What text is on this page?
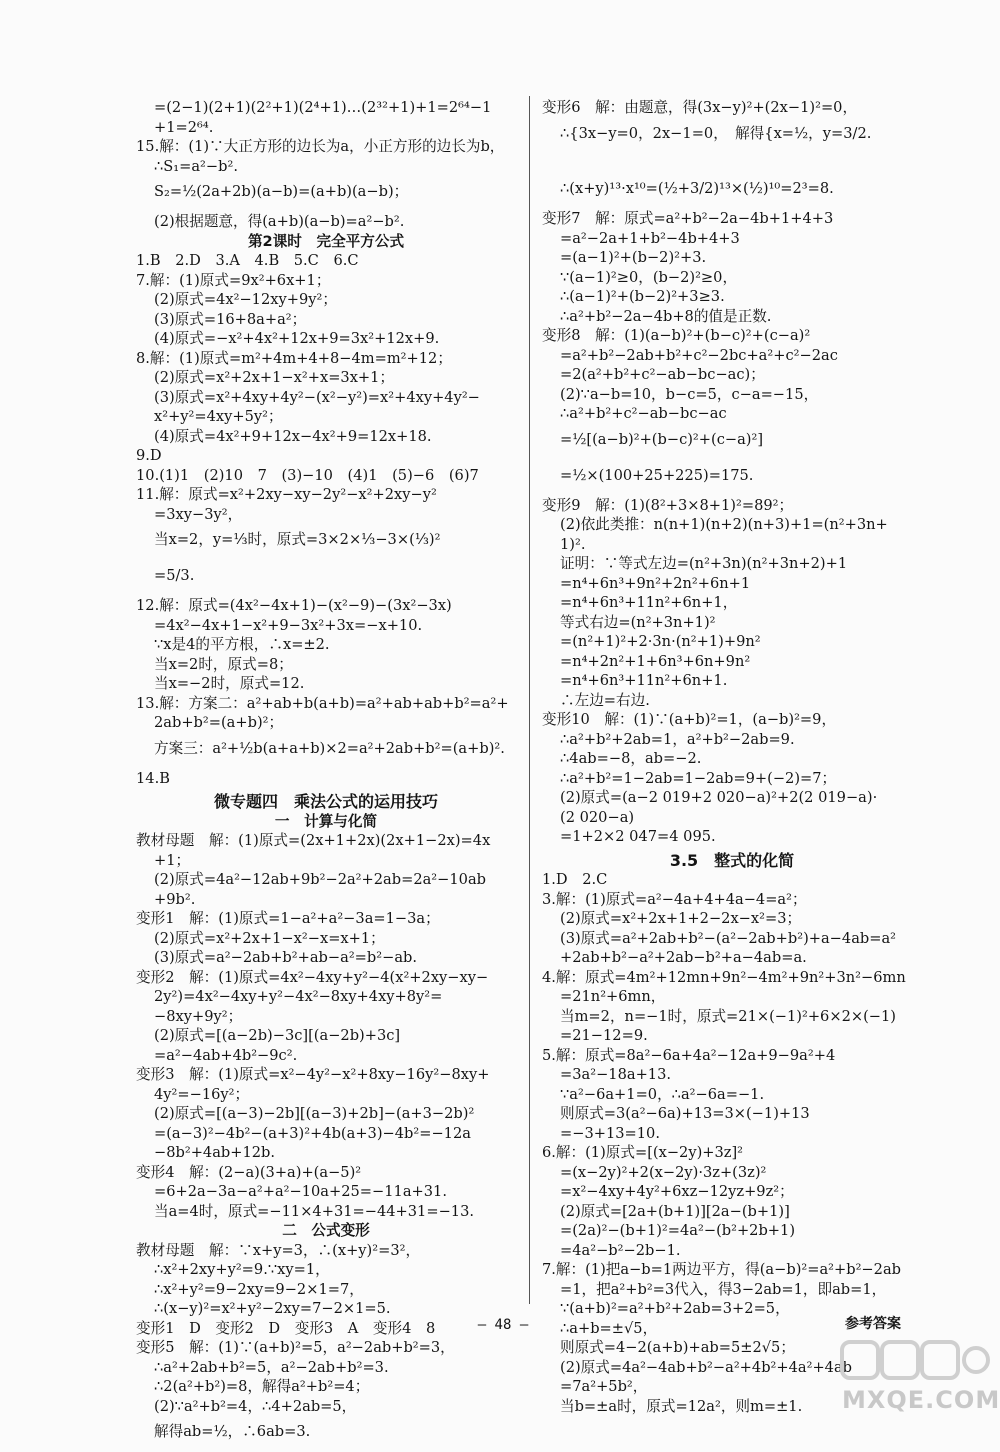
=(2−1)(2+1)(2²+1)(2⁴+1)…(2³²+1)+1=2⁶⁴−1
+1=2⁶⁴.
15.解：(1)∵大正方形的边长为a，小正方形的边长为b，
∴S₁=a²−b².
S₂=½(2a+2b)(a−b)=(a+b)(a−b)；
(2)根据题意，得(a+b)(a−b)=a²−b².
第2课时　完全平方公式
1.B　2.D　3.A　4.B　5.C　6.C
7.解：(1)原式=9x²+6x+1；
(2)原式=4x²−12xy+9y²；
(3)原式=16+8a+a²；
(4)原式=−x²+4x²+12x+9=3x²+12x+9.
8.解：(1)原式=m²+4m+4+8−4m=m²+12；
(2)原式=x²+2x+1−x²+x=3x+1；
(3)原式=x²+4xy+4y²−(x²−y²)=x²+4xy+4y²−
x²+y²=4xy+5y²；
(4)原式=4x²+9+12x−4x²+9=12x+18.
9.D
10.(1)1　(2)10　7　(3)−10　(4)1　(5)−6　(6)7
11.解：原式=x²+2xy−xy−2y²−x²+2xy−y²
=3xy−3y²，
当x=2，y=⅓时，原式=3×2×⅓−3×(⅓)²
=5/3.
12.解：原式=(4x²−4x+1)−(x²−9)−(3x²−3x)
=4x²−4x+1−x²+9−3x²+3x=−x+10.
∵x是4的平方根，∴x=±2.
当x=2时，原式=8；
当x=−2时，原式=12.
13.解：方案二：a²+ab+b(a+b)=a²+ab+ab+b²=a²+
2ab+b²=(a+b)²；
方案三：a²+½b(a+a+b)×2=a²+2ab+b²=(a+b)².
14.B
微专题四　乘法公式的运用技巧
一　计算与化简
教材母题　解：(1)原式=(2x+1+2x)(2x+1−2x)=4x
+1；
(2)原式=4a²−12ab+9b²−2a²+2ab=2a²−10ab
+9b².
变形1　解：(1)原式=1−a²+a²−3a=1−3a；
(2)原式=x²+2x+1−x²−x=x+1；
(3)原式=a²−2ab+b²+ab−a²=b²−ab.
变形2　解：(1)原式=4x²−4xy+y²−4(x²+2xy−xy−
2y²)=4x²−4xy+y²−4x²−8xy+4xy+8y²=
−8xy+9y²；
(2)原式=[(a−2b)−3c][(a−2b)+3c]
=a²−4ab+4b²−9c².
变形3　解：(1)原式=x²−4y²−x²+8xy−16y²−8xy+
4y²=−16y²；
(2)原式=[(a−3)−2b][(a−3)+2b]−(a+3−2b)²
=(a−3)²−4b²−(a+3)²+4b(a+3)−4b²=−12a
−8b²+4ab+12b.
变形4　解：(2−a)(3+a)+(a−5)²
=6+2a−3a−a²+a²−10a+25=−11a+31.
当a=4时，原式=−11×4+31=−44+31=−13.
二　公式变形
教材母题　解：∵x+y=3，∴(x+y)²=3²，
∴x²+2xy+y²=9.∵xy=1，
∴x²+y²=9−2xy=9−2×1=7，
∴(x−y)²=x²+y²−2xy=7−2×1=5.
变形1　D　变形2　D　变形3　A　变形4　8
变形5　解：(1)∵(a+b)²=5，a²−2ab+b²=3，
∴a²+2ab+b²=5，a²−2ab+b²=3.
∴2(a²+b²)=8，解得a²+b²=4；
(2)∵a²+b²=4，∴4+2ab=5，
解得ab=½，∴6ab=3.
变形6　解：由题意，得(3x−y)²+(2x−1)²=0，
∴{3x−y=0，2x−1=0，　解得{x=½，y=3/2.
∴(x+y)¹³·x¹⁰=(½+3/2)¹³×(½)¹⁰=2³=8.
变形7　解：原式=a²+b²−2a−4b+1+4+3
=a²−2a+1+b²−4b+4+3
=(a−1)²+(b−2)²+3.
∵(a−1)²≥0，(b−2)²≥0，
∴(a−1)²+(b−2)²+3≥3.
∴a²+b²−2a−4b+8的值是正数.
变形8　解：(1)(a−b)²+(b−c)²+(c−a)²
=a²+b²−2ab+b²+c²−2bc+a²+c²−2ac
=2(a²+b²+c²−ab−bc−ac)；
(2)∵a−b=10，b−c=5，c−a=−15，
∴a²+b²+c²−ab−bc−ac
=½[(a−b)²+(b−c)²+(c−a)²]
=½×(100+25+225)=175.
变形9　解：(1)(8²+3×8+1)²=89²；
(2)依此类推：n(n+1)(n+2)(n+3)+1=(n²+3n+
1)².
证明：∵等式左边=(n²+3n)(n²+3n+2)+1
=n⁴+6n³+9n²+2n²+6n+1
=n⁴+6n³+11n²+6n+1，
等式右边=(n²+3n+1)²
=(n²+1)²+2·3n·(n²+1)+9n²
=n⁴+2n²+1+6n³+6n+9n²
=n⁴+6n³+11n²+6n+1.
∴左边=右边.
变形10　解：(1)∵(a+b)²=1，(a−b)²=9，
∴a²+b²+2ab=1，a²+b²−2ab=9.
∴4ab=−8，ab=−2.
∴a²+b²=1−2ab=1−2ab=9+(−2)=7；
(2)原式=(a−2 019+2 020−a)²+2(2 019−a)·
(2 020−a)
=1+2×2 047=4 095.
3.5　整式的化简
1.D　2.C
3.解：(1)原式=a²−4a+4+4a−4=a²；
(2)原式=x²+2x+1+2−2x−x²=3；
(3)原式=a²+2ab+b²−(a²−2ab+b²)+a−4ab=a²
+2ab+b²−a²+2ab−b²+a−4ab=a.
4.解：原式=4m²+12mn+9n²−4m²+9n²+3n²−6mn
=21n²+6mn，
当m=2，n=−1时，原式=21×(−1)²+6×2×(−1)
=21−12=9.
5.解：原式=8a²−6a+4a²−12a+9−9a²+4
=3a²−18a+13.
∵a²−6a+1=0，∴a²−6a=−1.
则原式=3(a²−6a)+13=3×(−1)+13
=−3+13=10.
6.解：(1)原式=[(x−2y)+3z]²
=(x−2y)²+2(x−2y)·3z+(3z)²
=x²−4xy+4y²+6xz−12yz+9z²；
(2)原式=[2a+(b+1)][2a−(b+1)]
=(2a)²−(b+1)²=4a²−(b²+2b+1)
=4a²−b²−2b−1.
7.解：(1)把a−b=1两边平方，得(a−b)²=a²+b²−2ab
=1，把a²+b²=3代入，得3−2ab=1，即ab=1，
∵(a+b)²=a²+b²+2ab=3+2=5，
∴a+b=±√5，
则原式=4−2(a+b)+ab=5±2√5；
(2)原式=4a²−4ab+b²−a²+4b²+4a²+4ab
=7a²+5b²，
当b=±a时，原式=12a²，则m=±1.
— 48 —	参考答案
MXQE.COM
